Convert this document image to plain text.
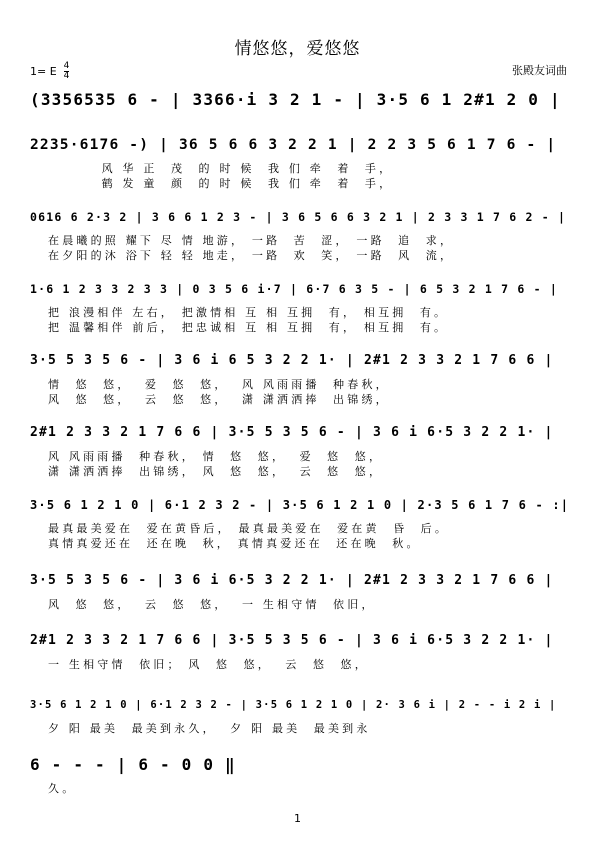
情悠悠，爱悠悠
1= E $\frac{4}{4}$	张殿友词曲
(3356535 6 - | 3366·i 3 2 1 - | 3·5 6 1 2#1 2 0 |
2235·6176 -) | 36 5 6 6 3 2 2 1 | 2 2 3 5 6 1 7 6 - |
风 华 正  茂  的 时 候  我 们 牵  着  手，
鹤 发 童  颜  的 时 候  我 们 牵  着  手，
0616 6 2·3 2 | 3 6 6 1 2 3 - | 3 6 5 6 6 3 2 1 | 2 3 3 1 7 6 2 - |
在晨曦的照 耀下 尽 情 地游， 一路  苦  涩， 一路  追  求，
在夕阳的沐 浴下 轻 轻 地走， 一路  欢  笑， 一路  风  流，
1·6 1 2 3 3 2 3 3 | 0 3 5 6 i·7 | 6·7 6 3 5 - | 6 5 3 2 1 7 6 - |
把 浪漫相伴 左右， 把激情相 互 相 互拥  有， 相互拥  有。
把 温馨相伴 前后， 把忠诚相 互 相 互拥  有， 相互拥  有。
3·5 5 3 5 6 - | 3 6 i 6 5 3 2 2 1· | 2#1 2 3 3 2 1 7 6 6 |
情  悠  悠，  爱  悠  悠，  风 风雨雨播  种春秋，
风  悠  悠，  云  悠  悠，  潇 潇洒洒捧  出锦绣，
2#1 2 3 3 2 1 7 6 6 | 3·5 5 3 5 6 - | 3 6 i 6·5 3 2 2 1· |
风 风雨雨播  种春秋， 情  悠  悠，  爱  悠  悠，
潇 潇洒洒捧  出锦绣， 风  悠  悠，  云  悠  悠，
3·5 6 1 2 1 0 | 6·1 2 3 2 - | 3·5 6 1 2 1 0 | 2·3 5 6 1 7 6 - :|
最真最美爱在  爱在黄昏后， 最真最美爱在  爱在黄  昏  后。
真情真爱还在  还在晚  秋， 真情真爱还在  还在晚  秋。
3·5 5 3 5 6 - | 3 6 i 6·5 3 2 2 1· | 2#1 2 3 3 2 1 7 6 6 |
风  悠  悠，  云  悠  悠，  一 生相守情  依旧，
2#1 2 3 3 2 1 7 6 6 | 3·5 5 3 5 6 - | 3 6 i 6·5 3 2 2 1· |
一 生相守情  依旧； 风  悠  悠，  云  悠  悠，
3·5 6 1 2 1 0 | 6·1 2 3 2 - | 3·5 6 1 2 1 0 | 2· 3 6 i | 2 - - i 2 i |
夕 阳 最美  最美到永久，  夕 阳 最美  最美到永
6 - - - | 6 - 0 0 ‖
久。
1
